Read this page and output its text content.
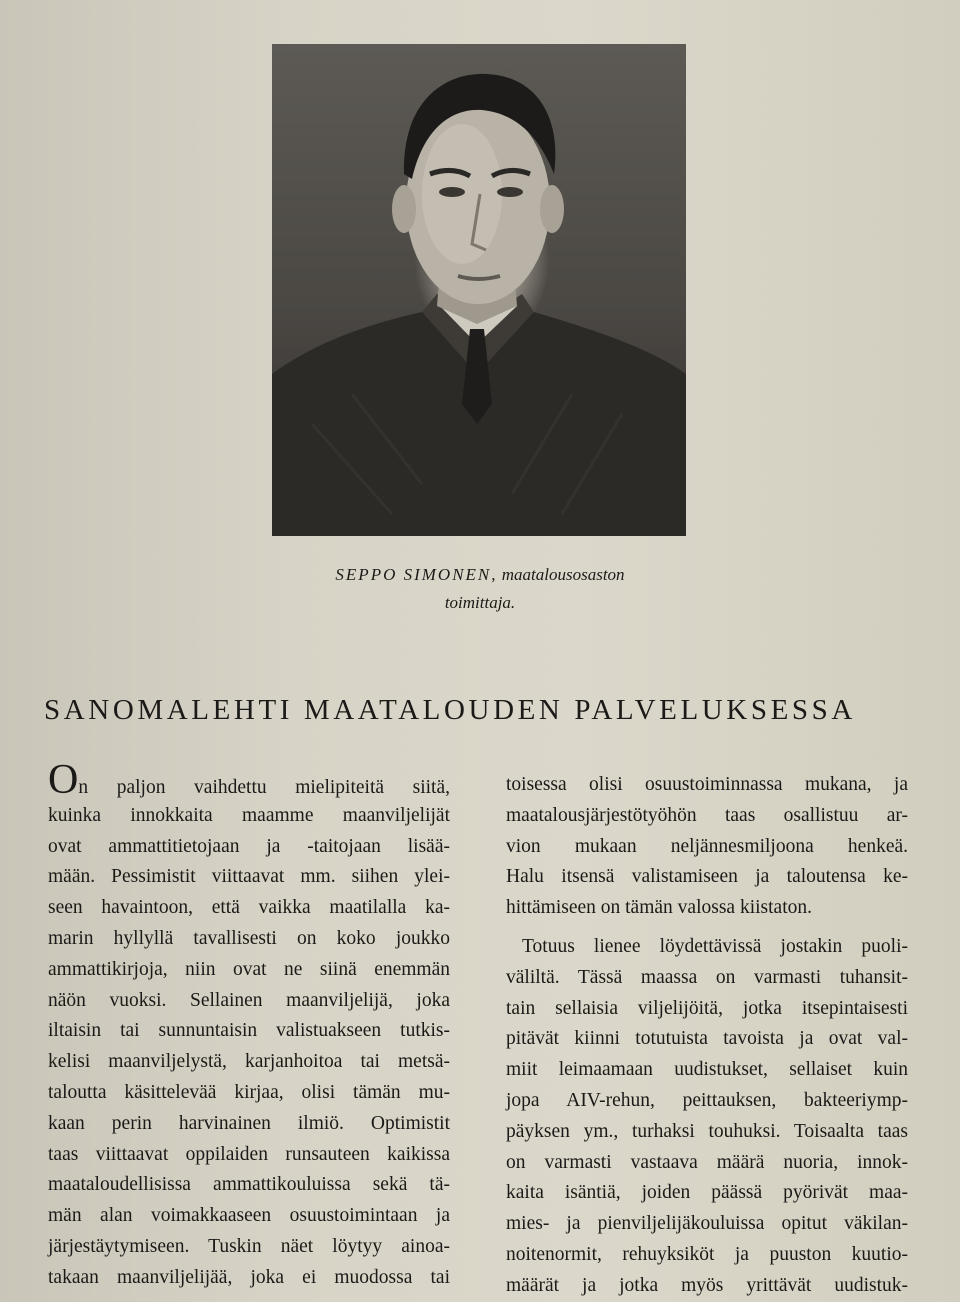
SEPPO SIMONEN, maatalousosaston
toimittaja.
SANOMALEHTI MAATALOUDEN PALVELUKSESSA
On paljon vaihdettu mielipiteitä siitä,
kuinka innokkaita maamme maanviljelijät
ovat ammattitietojaan ja -taitojaan lisää-
mään. Pessimistit viittaavat mm. siihen ylei-
seen havaintoon, että vaikka maatilalla ka-
marin hyllyllä tavallisesti on koko joukko
ammattikirjoja, niin ovat ne siinä enemmän
näön vuoksi. Sellainen maanviljelijä, joka
iltaisin tai sunnuntaisin valistuakseen tutkis-
kelisi maanviljelystä, karjanhoitoa tai metsä-
taloutta käsittelevää kirjaa, olisi tämän mu-
kaan perin harvinainen ilmiö. Optimistit
taas viittaavat oppilaiden runsauteen kaikissa
maataloudellisissa ammattikouluissa sekä tä-
män alan voimakkaaseen osuustoimintaan ja
järjestäytymiseen. Tuskin näet löytyy ainoa-
takaan maanviljelijää, joka ei muodossa tai
toisessa olisi osuustoiminnassa mukana, ja
maatalousjärjestötyöhön taas osallistuu ar-
vion mukaan neljännesmiljoona henkeä.
Halu itsensä valistamiseen ja taloutensa ke-
hittämiseen on tämän valossa kiistaton.
Totuus lienee löydettävissä jostakin puoli-
väliltä. Tässä maassa on varmasti tuhansit-
tain sellaisia viljelijöitä, jotka itsepintaisesti
pitävät kiinni totutuista tavoista ja ovat val-
miit leimaamaan uudistukset, sellaiset kuin
jopa AIV-rehun, peittauksen, bakteeriymp-
päyksen ym., turhaksi touhuksi. Toisaalta taas
on varmasti vastaava määrä nuoria, innok-
kaita isäntiä, joiden päässä pyörivät maa-
mies- ja pienviljelijäkouluissa opitut väkilan-
noitenormit, rehuyksiköt ja puuston kuutio-
määrät ja jotka myös yrittävät uudistuk-
